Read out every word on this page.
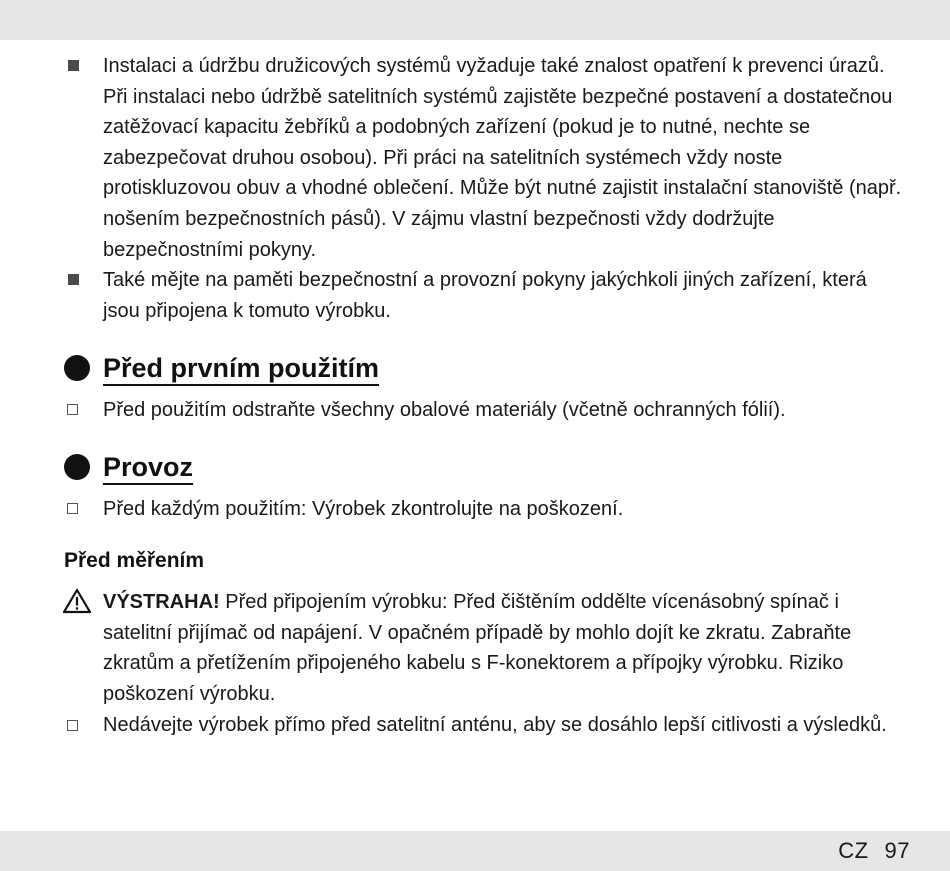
Instalaci a údržbu družicových systémů vyžaduje také znalost opatření k prevenci úrazů. Při instalaci nebo údržbě satelitních systémů zajistěte bezpečné postavení a dostatečnou zatěžovací kapacitu žebříků a podobných zařízení (pokud je to nutné, nechte se zabezpečovat druhou osobou). Při práci na satelitních systémech vždy noste protiskluzovou obuv a vhodné oblečení. Může být nutné zajistit instalační stanoviště (např. nošením bezpečnostních pásů). V zájmu vlastní bezpečnosti vždy dodržujte bezpečnostními pokyny.
Také mějte na paměti bezpečnostní a provozní pokyny jakýchkoli jiných zařízení, která jsou připojena k tomuto výrobku.
Před prvním použitím
Před použitím odstraňte všechny obalové materiály (včetně ochranných fólií).
Provoz
Před každým použitím: Výrobek zkontrolujte na poškození.
Před měřením
VÝSTRAHA! Před připojením výrobku: Před čištěním oddělte vícenásobný spínač i satelitní přijímač od napájení. V opačném případě by mohlo dojít ke zkratu. Zabraňte zkratům a přetížením připojeného kabelu s F-konektorem a přípojky výrobku. Riziko poškození výrobku.
Nedávejte výrobek přímo před satelitní anténu, aby se dosáhlo lepší citlivosti a výsledků.
CZ 97
